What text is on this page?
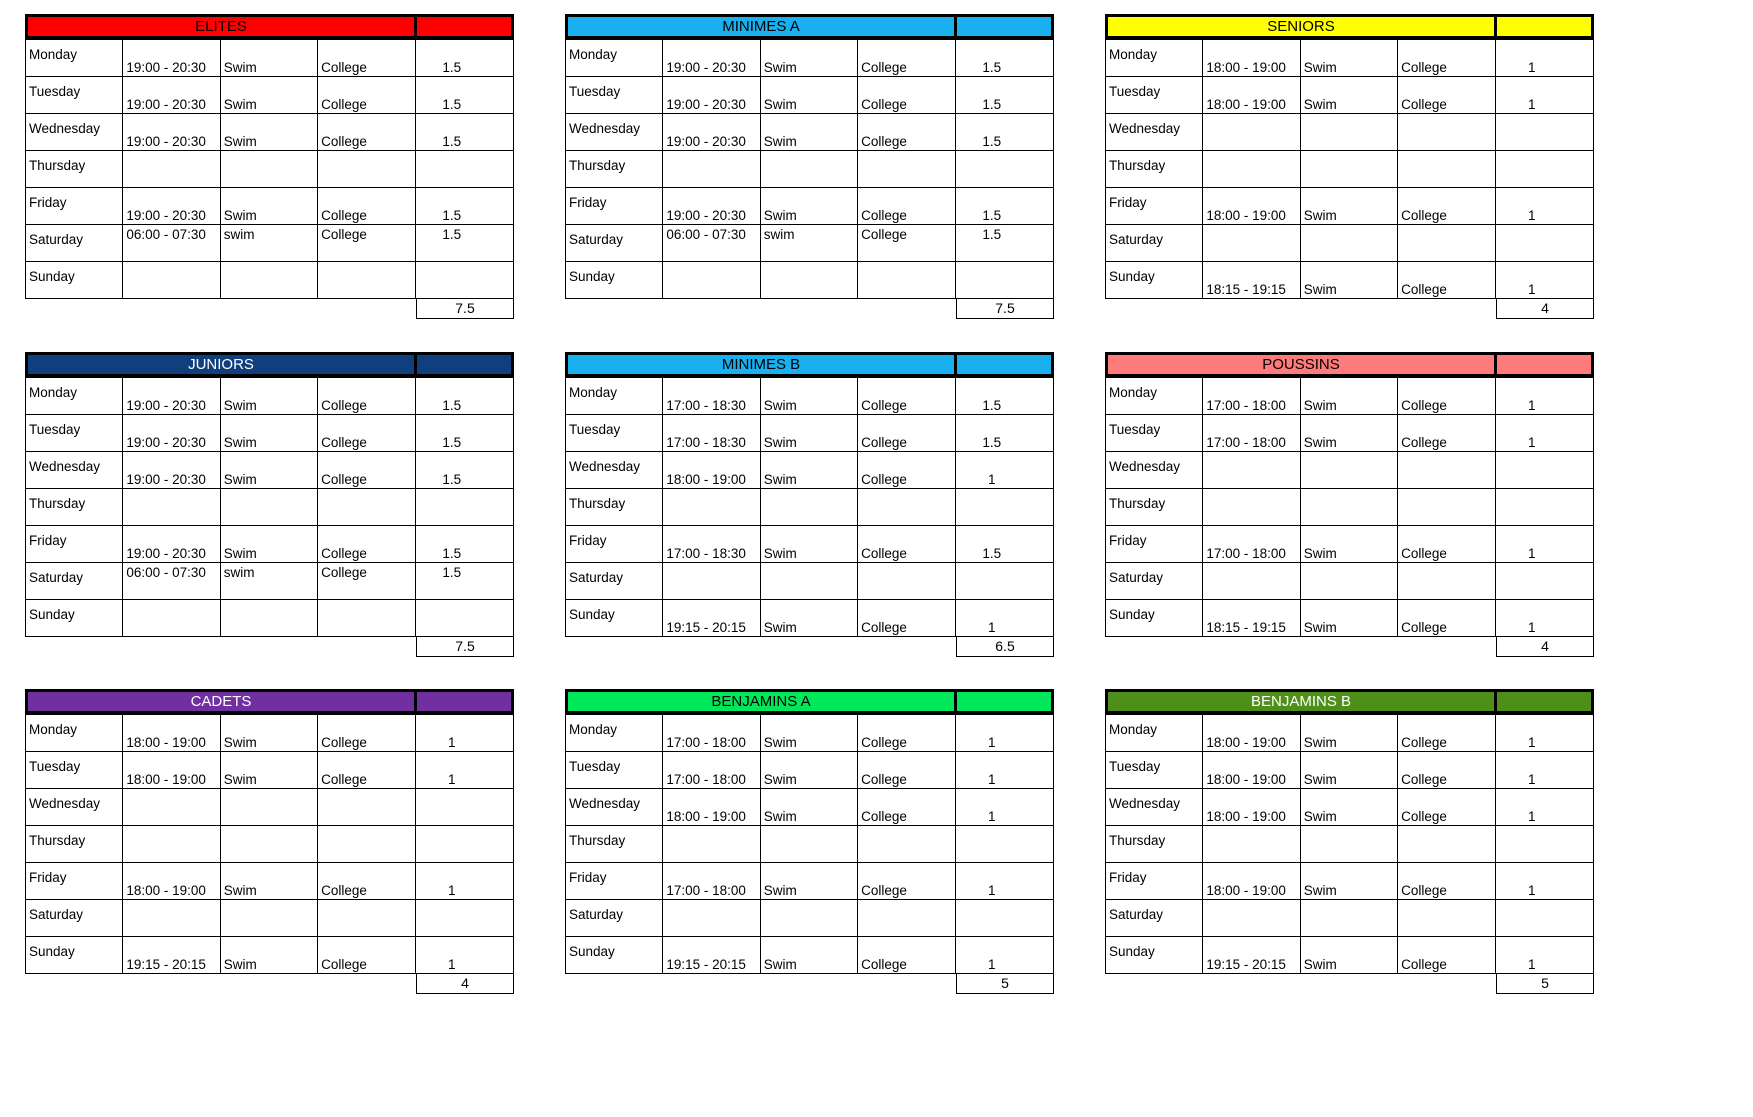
ELITES
Monday	19:00 - 20:30	Swim	College	1.5
Tuesday	19:00 - 20:30	Swim	College	1.5
Wednesday	19:00 - 20:30	Swim	College	1.5
Thursday				
Friday	19:00 - 20:30	Swim	College	1.5
Saturday	06:00 - 07:30	swim	College	1.5
Sunday				
7.5
MINIMES A
Monday	19:00 - 20:30	Swim	College	1.5
Tuesday	19:00 - 20:30	Swim	College	1.5
Wednesday	19:00 - 20:30	Swim	College	1.5
Thursday				
Friday	19:00 - 20:30	Swim	College	1.5
Saturday	06:00 - 07:30	swim	College	1.5
Sunday				
7.5
SENIORS
Monday	18:00 - 19:00	Swim	College	1
Tuesday	18:00 - 19:00	Swim	College	1
Wednesday				
Thursday				
Friday	18:00 - 19:00	Swim	College	1
Saturday				
Sunday	18:15 - 19:15	Swim	College	1
4
JUNIORS
Monday	19:00 - 20:30	Swim	College	1.5
Tuesday	19:00 - 20:30	Swim	College	1.5
Wednesday	19:00 - 20:30	Swim	College	1.5
Thursday				
Friday	19:00 - 20:30	Swim	College	1.5
Saturday	06:00 - 07:30	swim	College	1.5
Sunday				
7.5
MINIMES B
Monday	17:00 - 18:30	Swim	College	1.5
Tuesday	17:00 - 18:30	Swim	College	1.5
Wednesday	18:00 - 19:00	Swim	College	1
Thursday				
Friday	17:00 - 18:30	Swim	College	1.5
Saturday				
Sunday	19:15 - 20:15	Swim	College	1
6.5
POUSSINS
Monday	17:00 - 18:00	Swim	College	1
Tuesday	17:00 - 18:00	Swim	College	1
Wednesday				
Thursday				
Friday	17:00 - 18:00	Swim	College	1
Saturday				
Sunday	18:15 - 19:15	Swim	College	1
4
CADETS
Monday	18:00 - 19:00	Swim	College	1
Tuesday	18:00 - 19:00	Swim	College	1
Wednesday				
Thursday				
Friday	18:00 - 19:00	Swim	College	1
Saturday				
Sunday	19:15 - 20:15	Swim	College	1
4
BENJAMINS A
Monday	17:00 - 18:00	Swim	College	1
Tuesday	17:00 - 18:00	Swim	College	1
Wednesday	18:00 - 19:00	Swim	College	1
Thursday				
Friday	17:00 - 18:00	Swim	College	1
Saturday				
Sunday	19:15 - 20:15	Swim	College	1
5
BENJAMINS B
Monday	18:00 - 19:00	Swim	College	1
Tuesday	18:00 - 19:00	Swim	College	1
Wednesday	18:00 - 19:00	Swim	College	1
Thursday				
Friday	18:00 - 19:00	Swim	College	1
Saturday				
Sunday	19:15 - 20:15	Swim	College	1
5
